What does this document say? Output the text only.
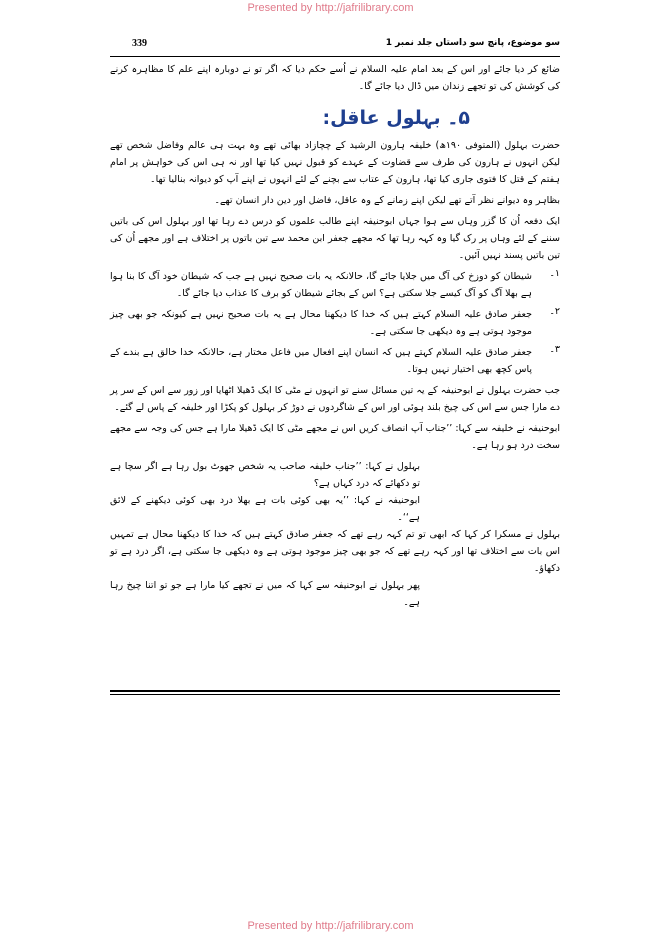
Presented by http://jafrilibrary.com
سو موضوع، پانچ سو داستاں جلد نمبر 1
339

ضائع کر دیا جائے اور اس کے بعد امام علیہ السلام نے اُسے حکم دیا کہ اگر تو نے دوبارہ اپنے علم کا مظاہرہ کرنے کی کوشش کی تو تجھے زندان میں ڈال دیا جائے گا۔

۵۔ بہلول عاقل:

حضرت بہلول (المتوفی ۱۹۰ھ) خلیفہ ہارون الرشید کے چچازاد بھائی تھے وہ بہت ہی عالم وفاضل شخص تھے لیکن انہوں نے ہارون کی طرف سے قضاوت کے عہدے کو قبول نہیں کیا تھا اور نہ ہی اس کی خواہش پر امام ہفتم کے قتل کا فتوی جاری کیا تھا، ہارون کے عتاب سے بچنے کے لئے انہوں نے اپنے آپ کو دیوانہ بنالیا تھا۔

بظاہر وہ دیوانے نظر آتے تھے لیکن اپنے زمانے کے وہ عاقل، فاضل اور دین دار انسان تھے۔

ایک دفعہ اُن کا گزر وہاں سے ہوا جہاں ابوحنیفہ اپنے طالب علموں کو درس دے رہا تھا اور بہلول اس کی باتیں سننے کے لئے وہاں پر رک گیا وہ کہہ رہا تھا کہ مجھے جعفر ابن محمد سے تین باتوں پر اختلاف ہے اور مجھے اُن کی تین باتیں پسند نہیں آئیں۔

۱۔

شیطان کو دوزخ کی آگ میں جلایا جائے گا، حالانکہ یہ بات صحیح نہیں ہے جب کہ شیطان خود آگ کا بنا ہوا ہے بھلا آگ کو آگ کیسے جلا سکتی ہے؟ اس کے بجائے شیطان کو برف کا عذاب دیا جائے گا۔

۲۔

جعفر صادق علیہ السلام کہتے ہیں کہ خدا کا دیکھنا محال ہے یہ بات صحیح نہیں ہے کیونکہ جو بھی چیز موجود ہوتی ہے وہ دیکھی جا سکتی ہے۔

۳۔

جعفر صادق علیہ السلام کہتے ہیں کہ انسان اپنے افعال میں فاعل مختار ہے، حالانکہ خدا خالق ہے بندے کے پاس کچھ بھی اختیار نہیں ہوتا۔

جب حضرت بہلول نے ابوحنیفہ کے یہ تین مسائل سنے تو انہوں نے مٹی کا ایک ڈھیلا اٹھایا اور زور سے اس کے سر پر دے مارا جس سے اس کی چیخ بلند ہوئی اور اس کے شاگردوں نے دوڑ کر بہلول کو پکڑا اور خلیفہ کے پاس لے گئے۔

ابوحنیفہ نے خلیفہ سے کہا: ’’جناب آپ انصاف کریں اس نے مجھے مٹی کا ایک ڈھیلا مارا ہے جس کی وجہ سے مجھے سخت درد ہو رہا ہے۔

بہلول نے کہا: ’’جناب خلیفہ صاحب یہ شخص جھوٹ بول رہا ہے اگر سچا ہے تو دکھائے کہ درد کہاں ہے؟

ابوحنیفہ نے کہا: ’’یہ بھی کوئی بات ہے بھلا درد بھی کوئی دیکھنے کے لائق ہے‘‘۔

بہلول نے مسکرا کر کہا کہ ابھی تو تم کہہ رہے تھے کہ جعفر صادق کہتے ہیں کہ خدا کا دیکھنا محال ہے تمہیں اس بات سے اختلاف تھا اور کہہ رہے تھے کہ جو بھی چیز موجود ہوتی ہے وہ دیکھی جا سکتی ہے، اگر درد ہے تو دکھاؤ۔

پھر بہلول نے ابوحنیفہ سے کہا کہ میں نے تجھے کیا مارا ہے جو تو اتنا چیخ رہا ہے۔

Presented by http://jafrilibrary.com
